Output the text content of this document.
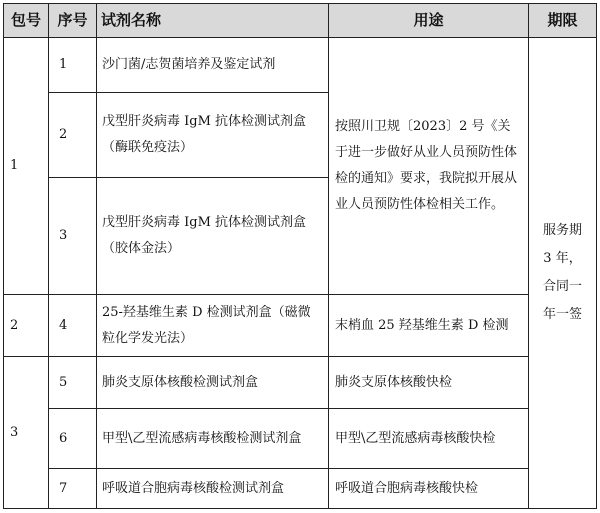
包号	序号	试剂名称	用途	期限
1	1	沙门菌/志贺菌培养及鉴定试剂	按照川卫规〔2023〕2 号《关于进一步做好从业人员预防性体检的通知》要求，我院拟开展从业人员预防性体检相关工作。	服务期 3 年，合同一年一签
	2	戊型肝炎病毒 IgM 抗体检测试剂盒（酶联免疫法）		
	3	戊型肝炎病毒 IgM 抗体检测试剂盒（胶体金法）		
2	4	25-羟基维生素 D 检测试剂盒（磁微粒化学发光法）	末梢血 25 羟基维生素 D 检测	
3	5	肺炎支原体核酸检测试剂盒	肺炎支原体核酸快检	
	6	甲型\乙型流感病毒核酸检测试剂盒	甲型\乙型流感病毒核酸快检	
	7	呼吸道合胞病毒核酸检测试剂盒	呼吸道合胞病毒核酸快检	
